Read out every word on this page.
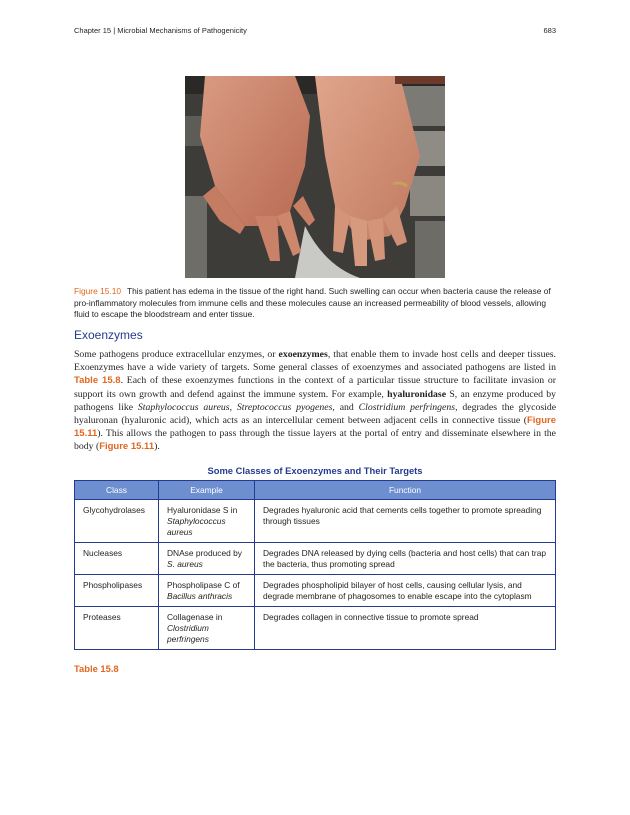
Chapter 15 | Microbial Mechanisms of Pathogenicity	683
Figure 15.10 This patient has edema in the tissue of the right hand. Such swelling can occur when bacteria cause the release of pro-inflammatory molecules from immune cells and these molecules cause an increased permeability of blood vessels, allowing fluid to escape the bloodstream and enter tissue.
Exoenzymes

Some pathogens produce extracellular enzymes, or exoenzymes, that enable them to invade host cells and deeper tissues. Exoenzymes have a wide variety of targets. Some general classes of exoenzymes and associated pathogens are listed in Table 15.8. Each of these exoenzymes functions in the context of a particular tissue structure to facilitate invasion or support its own growth and defend against the immune system. For example, hyaluronidase S, an enzyme produced by pathogens like Staphylococcus aureus, Streptococcus pyogenes, and Clostridium perfringens, degrades the glycoside hyaluronan (hyaluronic acid), which acts as an intercellular cement between adjacent cells in connective tissue (Figure 15.11). This allows the pathogen to pass through the tissue layers at the portal of entry and disseminate elsewhere in the body (Figure 15.11).

Some Classes of Exoenzymes and Their Targets
Class	Example	Function
Glycohydrolases	Hyaluronidase S in Staphylococcus aureus	Degrades hyaluronic acid that cements cells together to promote spreading through tissues
Nucleases	DNAse produced by S. aureus	Degrades DNA released by dying cells (bacteria and host cells) that can trap the bacteria, thus promoting spread
Phospholipases	Phospholipase C of Bacillus anthracis	Degrades phospholipid bilayer of host cells, causing cellular lysis, and degrade membrane of phagosomes to enable escape into the cytoplasm
Proteases	Collagenase in Clostridium perfringens	Degrades collagen in connective tissue to promote spread
Table 15.8
